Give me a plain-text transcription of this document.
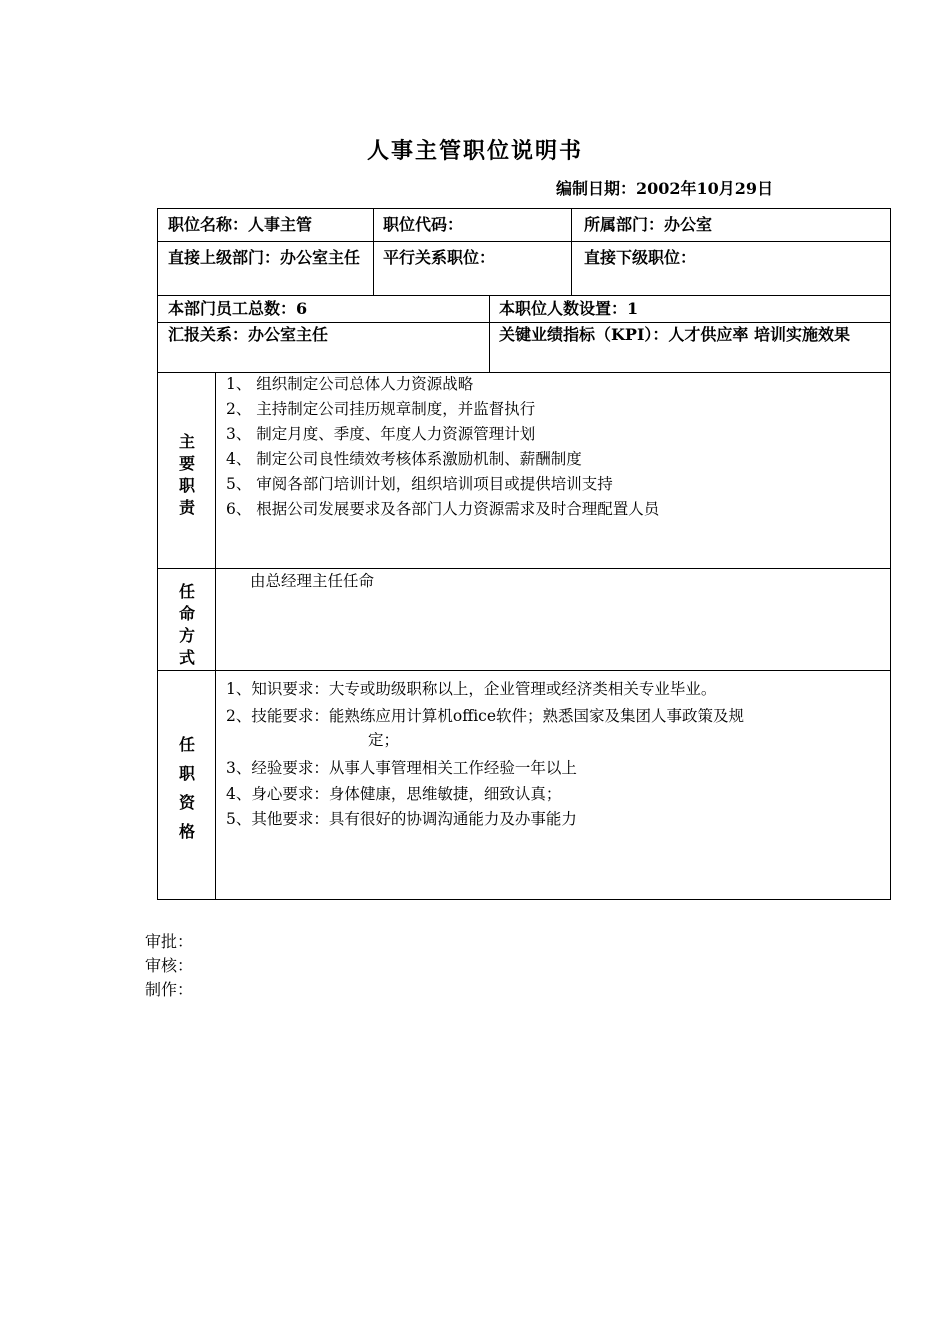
人事主管职位说明书
编制日期：2002年10月29日
职位名称：人事主管	职位代码：	所属部门：办公室
直接上级部门：办公室主任	平行关系职位：	直接下级职位：
本部门员工总数：6	本职位人数设置：1
汇报关系：办公室主任	关键业绩指标（KPI）：人才供应率 培训实施效果
主要职责
1、 组织制定公司总体人力资源战略
2、 主持制定公司挂历规章制度，并监督执行
3、 制定月度、季度、年度人力资源管理计划
4、 制定公司良性绩效考核体系激励机制、薪酬制度
5、 审阅各部门培训计划，组织培训项目或提供培训支持
6、 根据公司发展要求及各部门人力资源需求及时合理配置人员
任命方式
由总经理主任任命
任职资格
1、知识要求：大专或助级职称以上，企业管理或经济类相关专业毕业。
2、技能要求：能熟练应用计算机office软件；熟悉国家及集团人事政策及规
定；
3、经验要求：从事人事管理相关工作经验一年以上
4、身心要求：身体健康，思维敏捷，细致认真；
5、其他要求：具有很好的协调沟通能力及办事能力
审批：
审核：
制作：
